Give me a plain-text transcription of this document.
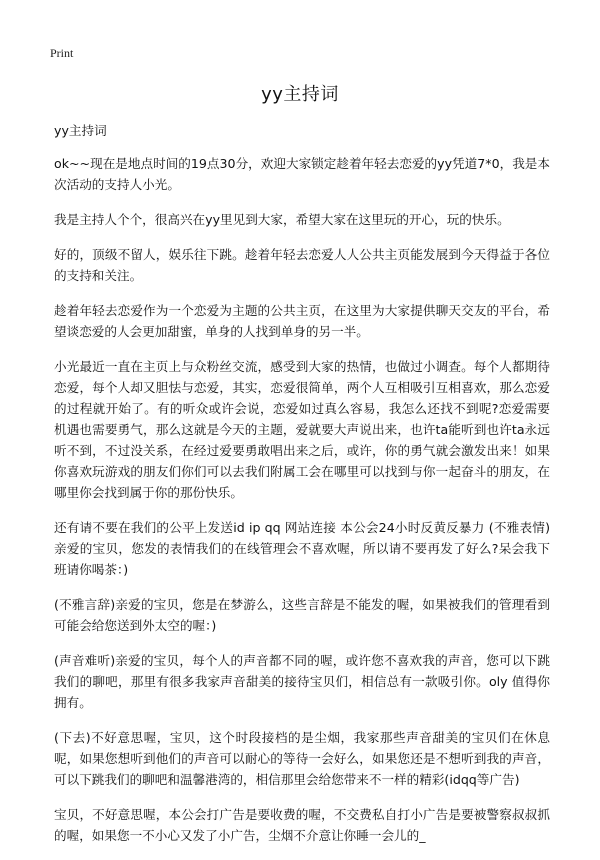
Print
yy主持词

yy主持词

ok~~现在是地点时间的19点30分，欢迎大家锁定趁着年轻去恋爱的yy凭道7*0，我是本次活动的支持人小光。

我是主持人个个，很高兴在yy里见到大家，希望大家在这里玩的开心，玩的快乐。

好的，顶级不留人，娱乐往下跳。趁着年轻去恋爱人人公共主页能发展到今天得益于各位的支持和关注。

趁着年轻去恋爱作为一个恋爱为主题的公共主页，在这里为大家提供聊天交友的平台，希望谈恋爱的人会更加甜蜜，单身的人找到单身的另一半。

小光最近一直在主页上与众粉丝交流，感受到大家的热情，也做过小调查。每个人都期待恋爱，每个人却又胆怯与恋爱，其实，恋爱很简单，两个人互相吸引互相喜欢，那么恋爱的过程就开始了。有的听众或许会说，恋爱如过真么容易，我怎么还找不到呢?恋爱需要机遇也需要勇气，那么这就是今天的主题，爱就要大声说出来，也许ta能听到也许ta永远听不到，不过没关系，在经过爱要勇敢唱出来之后，或许，你的勇气就会激发出来！如果你喜欢玩游戏的朋友们你们可以去我们附属工会在哪里可以找到与你一起奋斗的朋友，在哪里你会找到属于你的那份快乐。

还有请不要在我们的公平上发送id ip qq 网站连接 本公会24小时反黄反暴力 (不雅表情)亲爱的宝贝，您发的表情我们的在线管理会不喜欢喔，所以请不要再发了好么?呆会我下班请你喝茶：)

(不雅言辞)亲爱的宝贝，您是在梦游么，这些言辞是不能发的喔，如果被我们的管理看到可能会给您送到外太空的喔：)

(声音难听)亲爱的宝贝，每个人的声音都不同的喔，或许您不喜欢我的声音，您可以下跳我们的聊吧，那里有很多我家声音甜美的接待宝贝们，相信总有一款吸引你。oly 值得你拥有。

(下去)不好意思喔，宝贝，这个时段接档的是尘烟，我家那些声音甜美的宝贝们在休息呢，如果您想听到他们的声音可以耐心的等待一会好么，如果您还是不想听到我的声音，可以下跳我们的聊吧和温馨港湾的，相信那里会给您带来不一样的精彩(idqq等广告)

宝贝，不好意思喔，本公会打广告是要收费的喔，不交费私自打小广告是要被警察叔叔抓的喔，如果您一不小心又发了小广告，尘烟不介意让你睡一会儿的_
